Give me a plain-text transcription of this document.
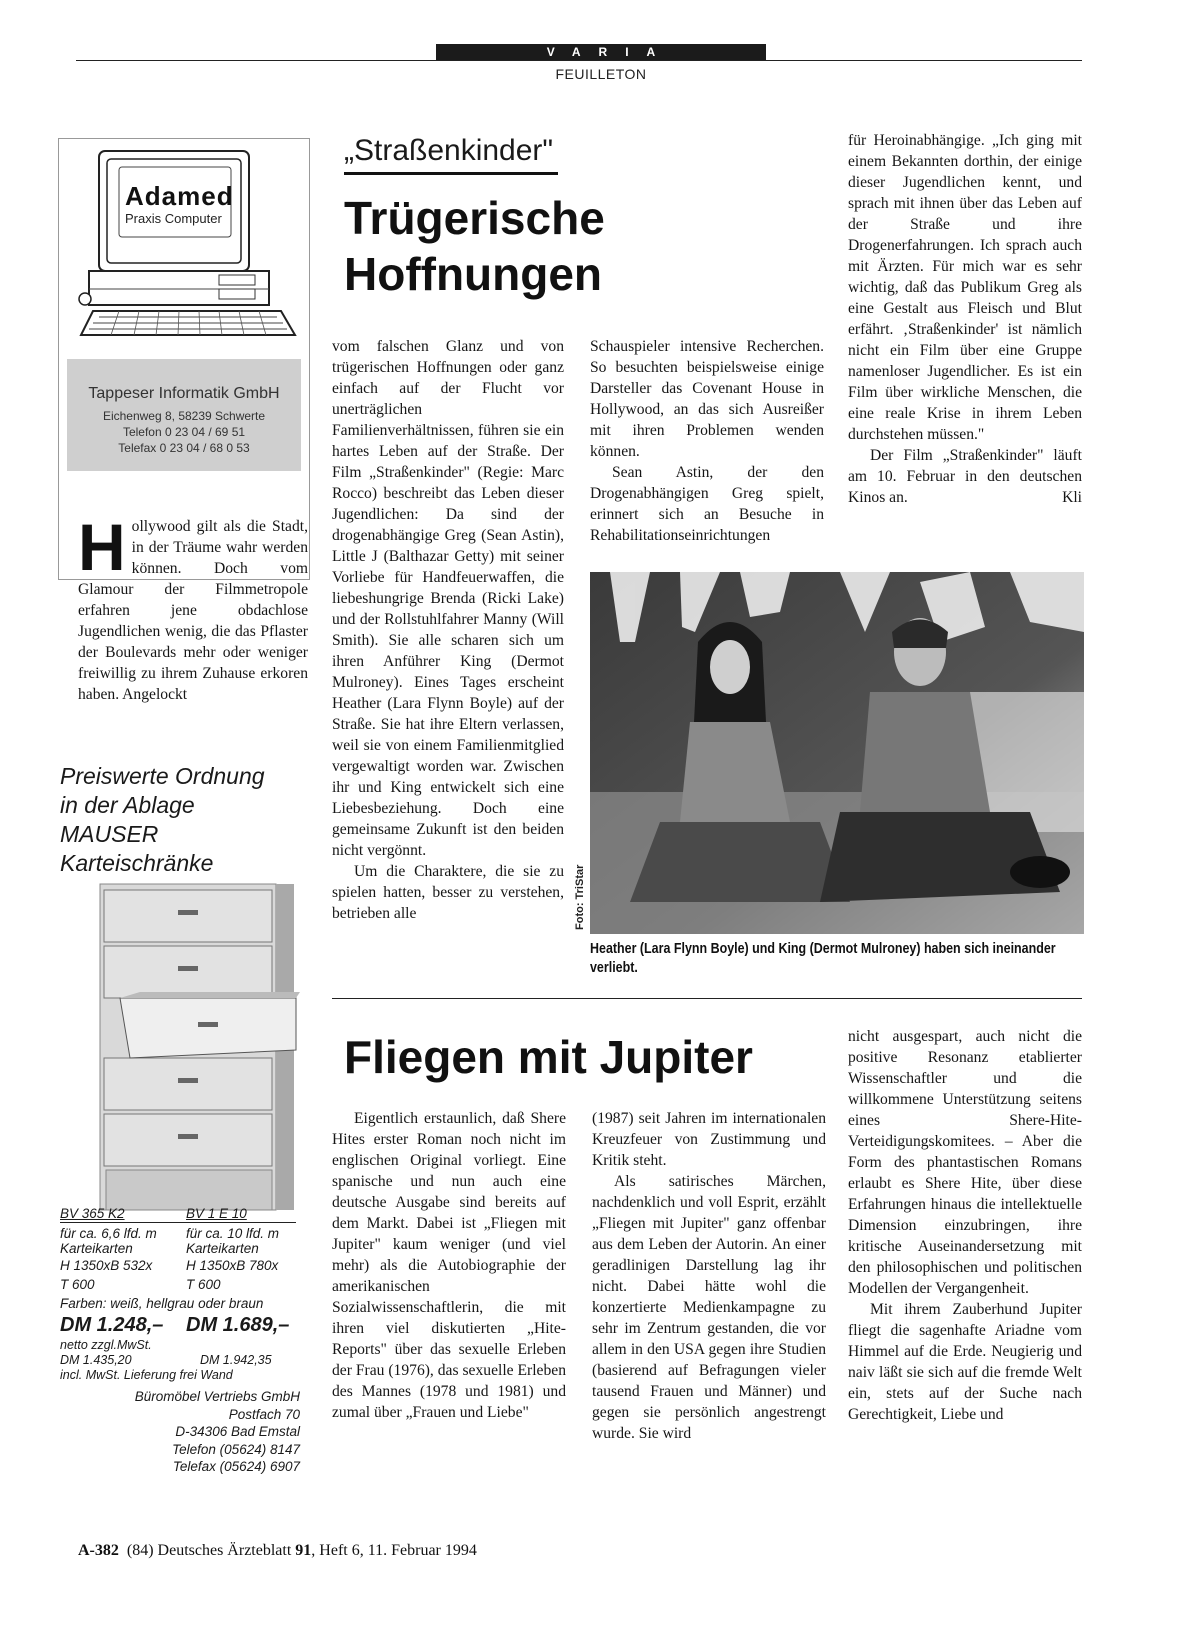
VARIA
FEUILLETON
Adamed
Praxis Computer
Tappeser Informatik GmbH
Eichenweg 8, 58239 Schwerte
Telefon 0 23 04 / 69 51
Telefax 0 23 04 / 68 0 53
„Straßenkinder"
Trügerische Hoffnungen
H ollywood gilt als die Stadt, in der Träume wahr werden können. Doch vom Glamour der Filmmetropole erfahren jene obdachlose Jugendlichen wenig, die das Pflaster der Boulevards mehr oder weniger freiwillig zu ihrem Zuhause erkoren haben. Angelockt

vom falschen Glanz und von trügerischen Hoffnungen oder ganz einfach auf der Flucht vor unerträglichen Familienverhältnissen, führen sie ein hartes Leben auf der Straße. Der Film „Straßenkinder" (Regie: Marc Rocco) beschreibt das Leben dieser Jugendlichen: Da sind der drogenabhängige Greg (Sean Astin), Little J (Balthazar Getty) mit seiner Vorliebe für Handfeuerwaffen, die liebeshungrige Brenda (Ricki Lake) und der Rollstuhlfahrer Manny (Will Smith). Sie alle scharen sich um ihren Anführer King (Dermot Mulroney). Eines Tages erscheint Heather (Lara Flynn Boyle) auf der Straße. Sie hat ihre Eltern verlassen, weil sie von einem Familienmitglied vergewaltigt worden war. Zwischen ihr und King entwickelt sich eine Liebesbeziehung. Doch eine gemeinsame Zukunft ist den beiden nicht vergönnt.

Um die Charaktere, die sie zu spielen hatten, besser zu verstehen, betrieben alle

Schauspieler intensive Recherchen. So besuchten beispielsweise einige Darsteller das Covenant House in Hollywood, an das sich Ausreißer mit ihren Problemen wenden können.

Sean Astin, der den Drogenabhängigen Greg spielt, erinnert sich an Besuche in Rehabilitationseinrichtungen

für Heroinabhängige. „Ich ging mit einem Bekannten dorthin, der einige dieser Jugendlichen kennt, und sprach mit ihnen über das Leben auf der Straße und ihre Drogenerfahrungen. Ich sprach auch mit Ärzten. Für mich war es sehr wichtig, daß das Publikum Greg als eine Gestalt aus Fleisch und Blut erfährt. ‚Straßenkinder' ist nämlich nicht ein Film über eine Gruppe namenloser Jugendlicher. Es ist ein Film über wirkliche Menschen, die eine reale Krise in ihrem Leben durchstehen müssen."

Der Film „Straßenkinder" läuft am 10. Februar in den deutschen Kinos an.	Kli

Foto: TriStar
Heather (Lara Flynn Boyle) und King (Dermot Mulroney) haben sich ineinander verliebt.
Preiswerte Ordnung
in der Ablage
MAUSER
Karteischränke
BV 365 K2	BV 1 E 10
für ca. 6,6 lfd. m für ca. 10 lfd. m
Karteikarten	Karteikarten
H 1350xB 532x H 1350xB 780x
T 600	T 600
Farben: weiß, hellgrau oder braun
DM 1.248,– DM 1.689,–
netto zzgl.MwSt.
DM 1.435,20	DM 1.942,35
incl. MwSt. Lieferung frei Wand
Büromöbel Vertriebs GmbH
Postfach 70
D-34306 Bad Emstal
Telefon (05624) 8147
Telefax (05624) 6907
Fliegen mit Jupiter

Eigentlich erstaunlich, daß Shere Hites erster Roman noch nicht im englischen Original vorliegt. Eine spanische und nun auch eine deutsche Ausgabe sind bereits auf dem Markt. Dabei ist „Fliegen mit Jupiter" kaum weniger (und viel mehr) als die Autobiographie der amerikanischen Sozialwissenschaftlerin, die mit ihren viel diskutierten „Hite-Reports" über das sexuelle Erleben der Frau (1976), das sexuelle Erleben des Mannes (1978 und 1981) und zumal über „Frauen und Liebe"

(1987) seit Jahren im internationalen Kreuzfeuer von Zustimmung und Kritik steht.

Als satirisches Märchen, nachdenklich und voll Esprit, erzählt „Fliegen mit Jupiter" ganz offenbar aus dem Leben der Autorin. An einer geradlinigen Darstellung lag ihr nicht. Dabei hätte wohl die konzertierte Medienkampagne zu sehr im Zentrum gestanden, die vor allem in den USA gegen ihre Studien (basierend auf Befragungen vieler tausend Frauen und Männer) und gegen sie persönlich angestrengt wurde. Sie wird

nicht ausgespart, auch nicht die positive Resonanz etablierter Wissenschaftler und die willkommene Unterstützung seitens eines Shere-Hite-Verteidigungskomitees. – Aber die Form des phantastischen Romans erlaubt es Shere Hite, über diese Erfahrungen hinaus die intellektuelle Dimension einzubringen, ihre kritische Auseinandersetzung mit den philosophischen und politischen Modellen der Vergangenheit.

Mit ihrem Zauberhund Jupiter fliegt die sagenhafte Ariadne vom Himmel auf die Erde. Neugierig und naiv läßt sie sich auf die fremde Welt ein, stets auf der Suche nach Gerechtigkeit, Liebe und

A-382 (84) Deutsches Ärzteblatt 91, Heft 6, 11. Februar 1994
